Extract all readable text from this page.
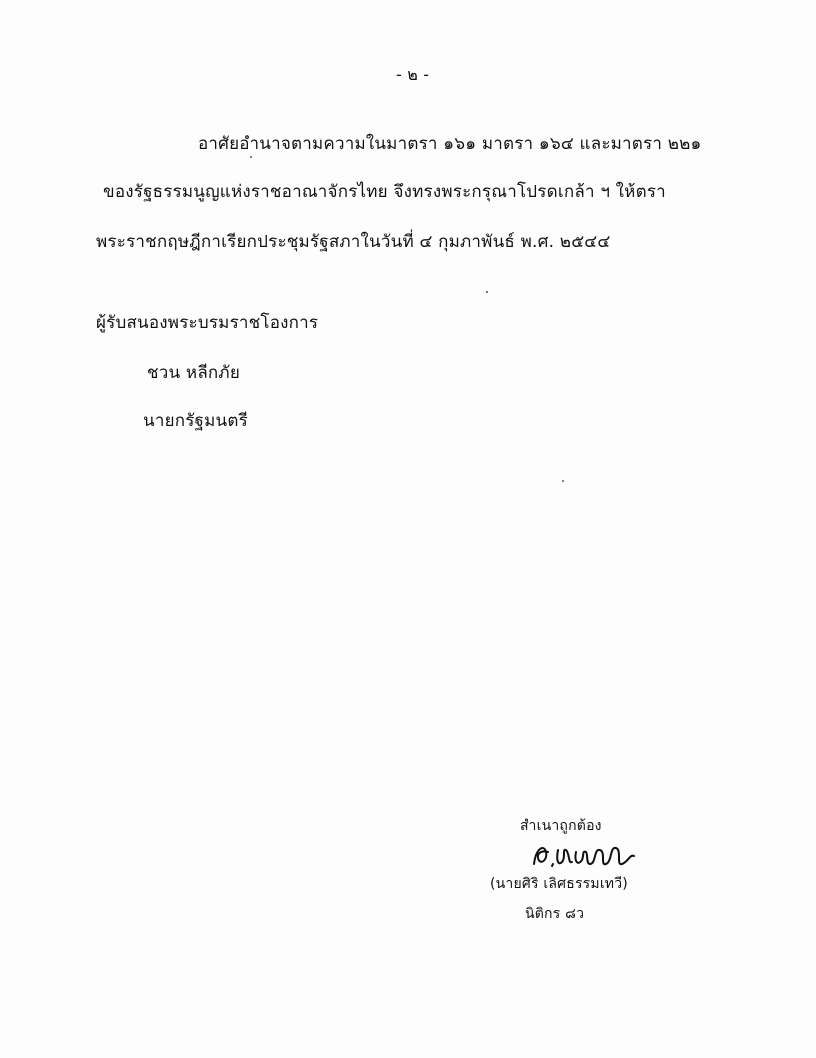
- ๒ -
อาศัยอำนาจตามความในมาตรา ๑๖๑ มาตรา ๑๖๔ และมาตรา ๒๒๑
ของรัฐธรรมนูญแห่งราชอาณาจักรไทย จึงทรงพระกรุณาโปรดเกล้า ฯ ให้ตรา
พระราชกฤษฎีกาเรียกประชุมรัฐสภาในวันที่ ๔ กุมภาพันธ์ พ.ศ. ๒๕๔๔
ผู้รับสนองพระบรมราชโองการ
ชวน หลีกภัย
นายกรัฐมนตรี
สำเนาถูกต้อง
(นายศิริ เลิศธรรมเทวี)
นิติกร ๘ว
